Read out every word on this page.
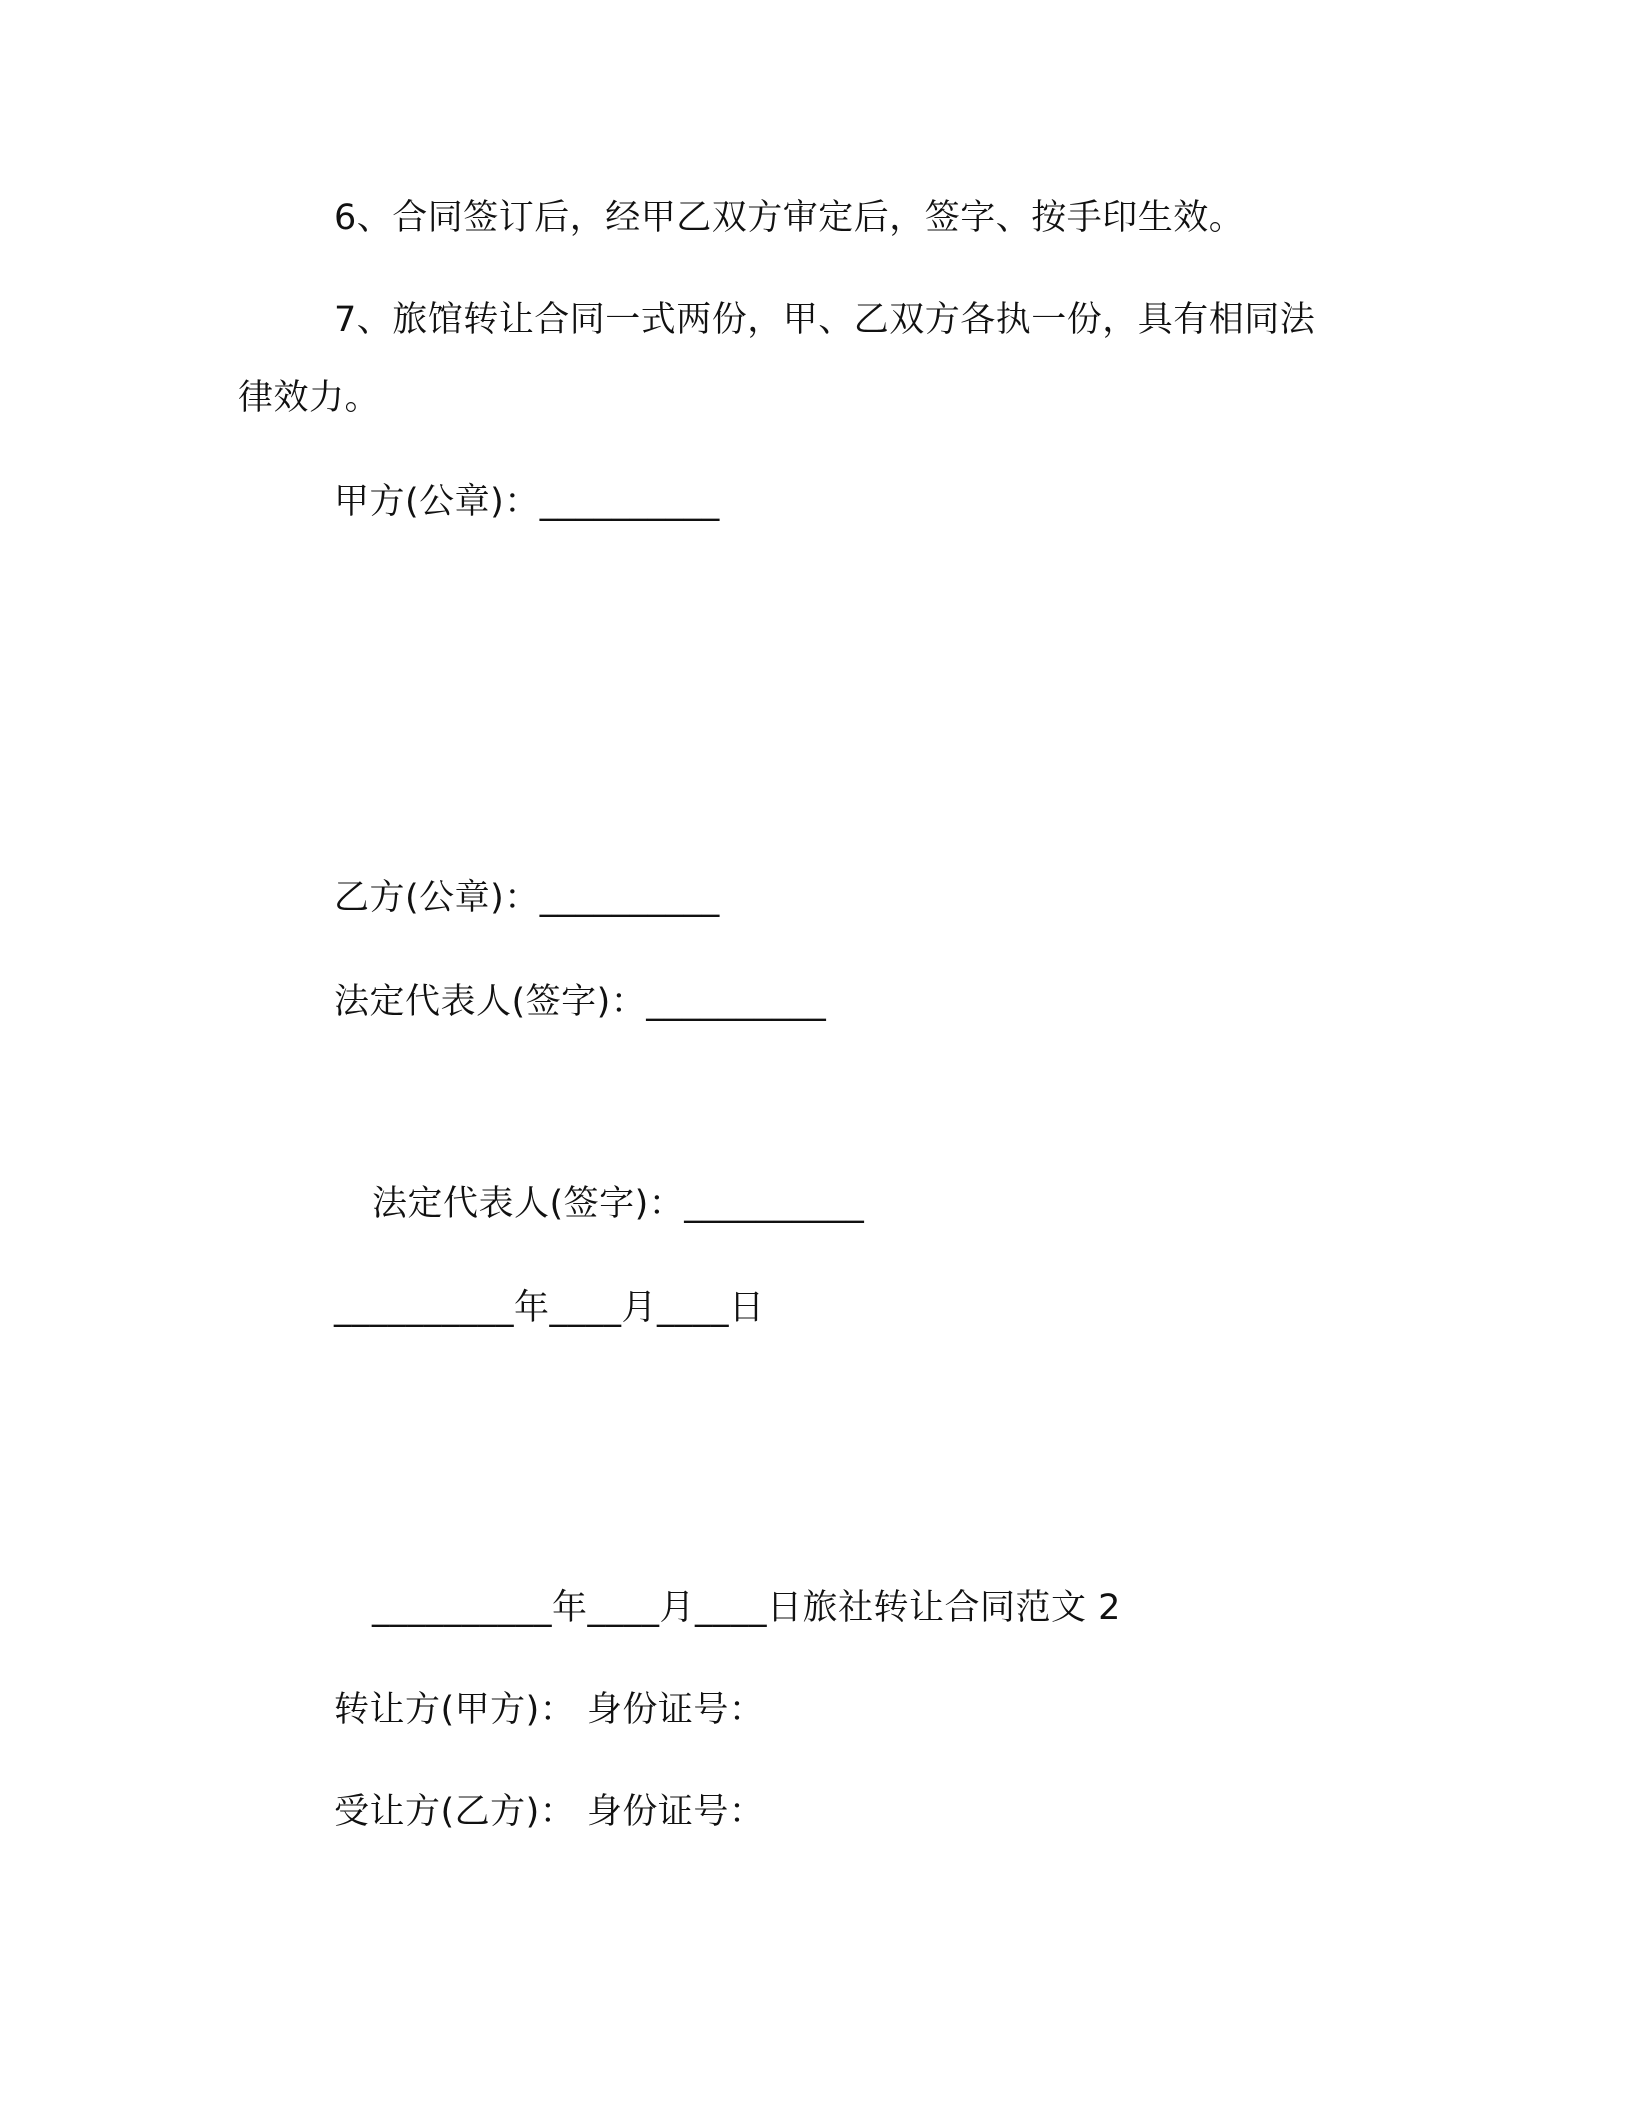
6、合同签订后，经甲乙双方审定后，签字、按手印生效。
7、旅馆转让合同一式两份，甲、乙双方各执一份，具有相同法
律效力。
甲方(公章)：__________
乙方(公章)：__________
法定代表人(签字)：__________
法定代表人(签字)：__________
__________年____月____日
__________年____月____日旅社转让合同范文 2
转让方(甲方)： 身份证号：
受让方(乙方)： 身份证号：
